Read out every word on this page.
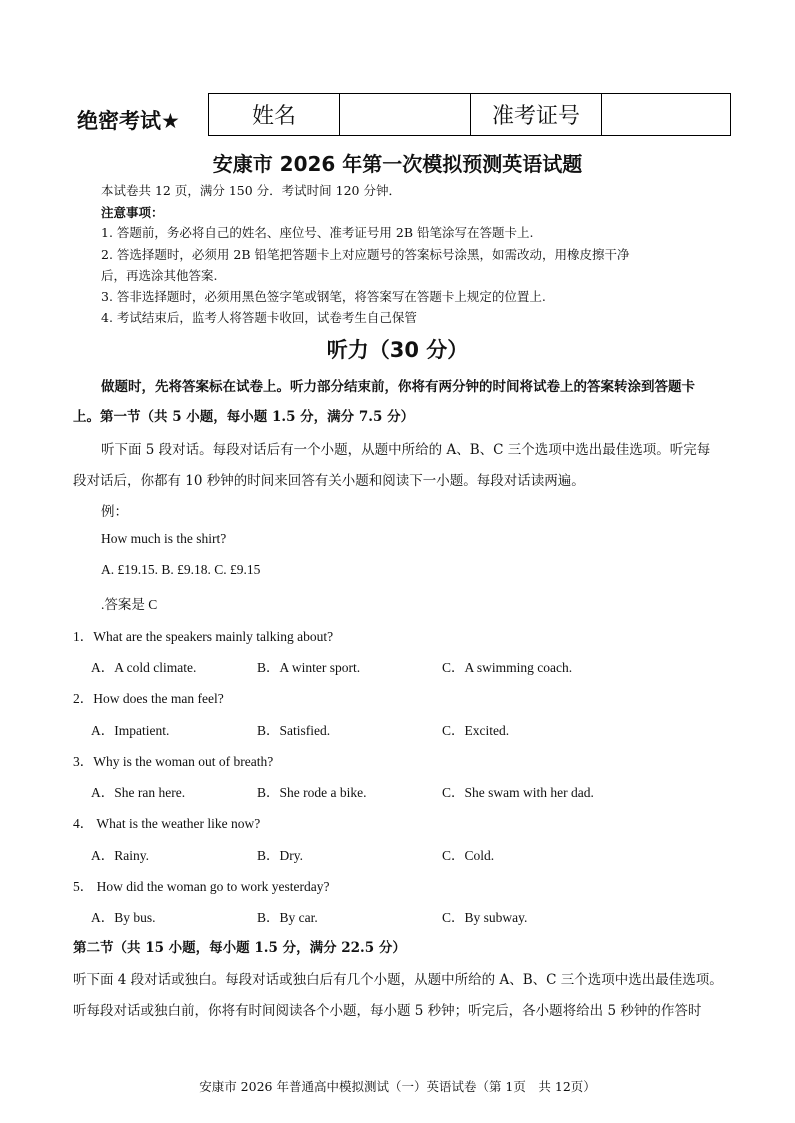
绝密考试★	姓名		准考证号	
安康市 2026 年第一次模拟预测英语试题
本试卷共 12 页，满分 150 分．考试时间 120 分钟．
注意事项：
1. 答题前，务必将自己的姓名、座位号、准考证号用 2B 铅笔涂写在答题卡上.
2. 答选择题时，必须用 2B 铅笔把答题卡上对应题号的答案标号涂黑，如需改动，用橡皮擦干净
后，再选涂其他答案.
3. 答非选择题时，必须用黑色签字笔或钢笔，将答案写在答题卡上规定的位置上.
4. 考试结束后，监考人将答题卡收回，试卷考生自己保管
听力（30 分）
做题时，先将答案标在试卷上。听力部分结束前，你将有两分钟的时间将试卷上的答案转涂到答题卡
上。第一节（共 5 小题，每小题 1.5 分，满分 7.5 分）
听下面 5 段对话。每段对话后有一个小题，从题中所给的 A、B、C 三个选项中选出最佳选项。听完每
段对话后，你都有 10 秒钟的时间来回答有关小题和阅读下一小题。每段对话读两遍。
例：
How much is the shirt?
A. £19.15. B. £9.18. C. £9.15
.答案是 C
1．What are the speakers mainly talking about?
A．A cold climate.	B．A winter sport.	C．A swimming coach.
2．How does the man feel?
A．Impatient.	B．Satisfied.	C．Excited.
3．Why is the woman out of breath?
A．She ran here.	B．She rode a bike.	C．She swam with her dad.
4． What is the weather like now?
A．Rainy.	B．Dry.	C．Cold.
5． How did the woman go to work yesterday?
A．By bus.	B．By car.	C．By subway.
第二节（共 15 小题，每小题 1.5 分，满分 22.5 分）
听下面 4 段对话或独白。每段对话或独白后有几个小题，从题中所给的 A、B、C 三个选项中选出最佳选项。
听每段对话或独白前，你将有时间阅读各个小题，每小题 5 秒钟；听完后，各小题将给出 5 秒钟的作答时
安康市 2026 年普通高中模拟测试（一）英语试卷（第 1页　共 12页）
